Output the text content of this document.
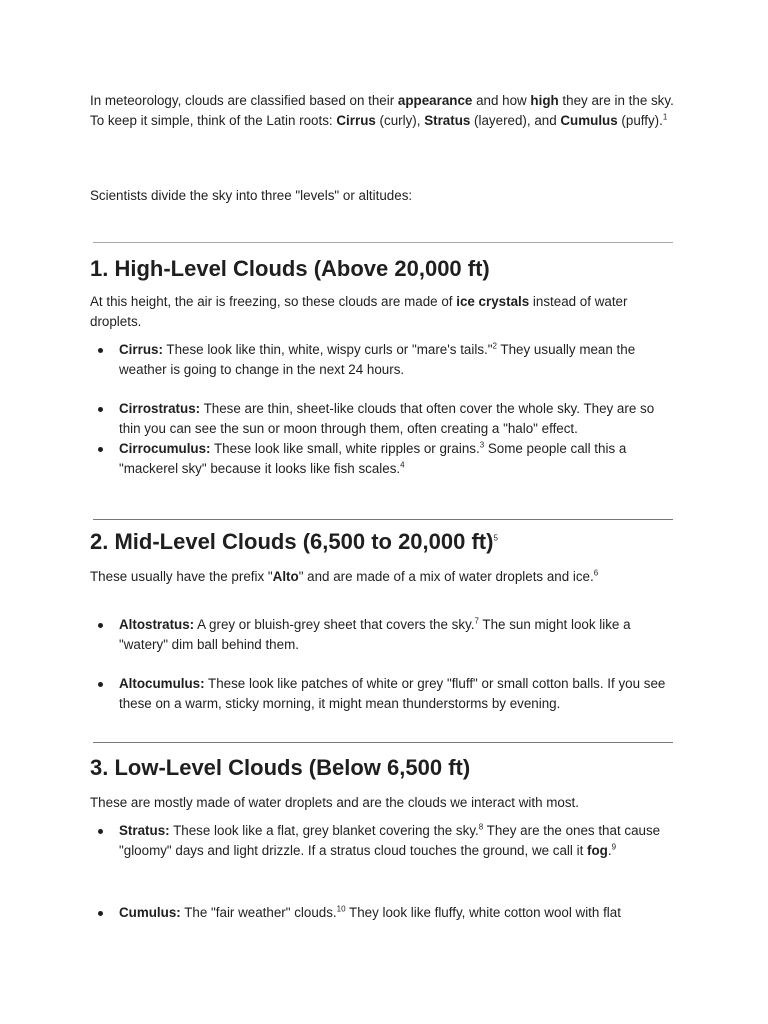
In meteorology, clouds are classified based on their appearance and how high they are in the sky. To keep it simple, think of the Latin roots: Cirrus (curly), Stratus (layered), and Cumulus (puffy).$^1$

Scientists divide the sky into three "levels" or altitudes:

1. High-Level Clouds (Above 20,000 ft)

At this height, the air is freezing, so these clouds are made of ice crystals instead of water droplets.

Cirrus: These look like thin, white, wispy curls or "mare's tails."$^2$ They usually mean the weather is going to change in the next 24 hours.
Cirrostratus: These are thin, sheet-like clouds that often cover the whole sky. They are so thin you can see the sun or moon through them, often creating a "halo" effect.
Cirrocumulus: These look like small, white ripples or grains.$^3$ Some people call this a "mackerel sky" because it looks like fish scales.$^4$
2. Mid-Level Clouds (6,500 to 20,000 ft)$^5$

These usually have the prefix "Alto" and are made of a mix of water droplets and ice.$^6$

Altostratus: A grey or bluish-grey sheet that covers the sky.$^7$ The sun might look like a "watery" dim ball behind them.
Altocumulus: These look like patches of white or grey "fluff" or small cotton balls. If you see these on a warm, sticky morning, it might mean thunderstorms by evening.
3. Low-Level Clouds (Below 6,500 ft)

These are mostly made of water droplets and are the clouds we interact with most.

Stratus: These look like a flat, grey blanket covering the sky.$^8$ They are the ones that cause "gloomy" days and light drizzle. If a stratus cloud touches the ground, we call it fog.$^9$
Cumulus: The "fair weather" clouds.$^{10}$ They look like fluffy, white cotton wool with flat
